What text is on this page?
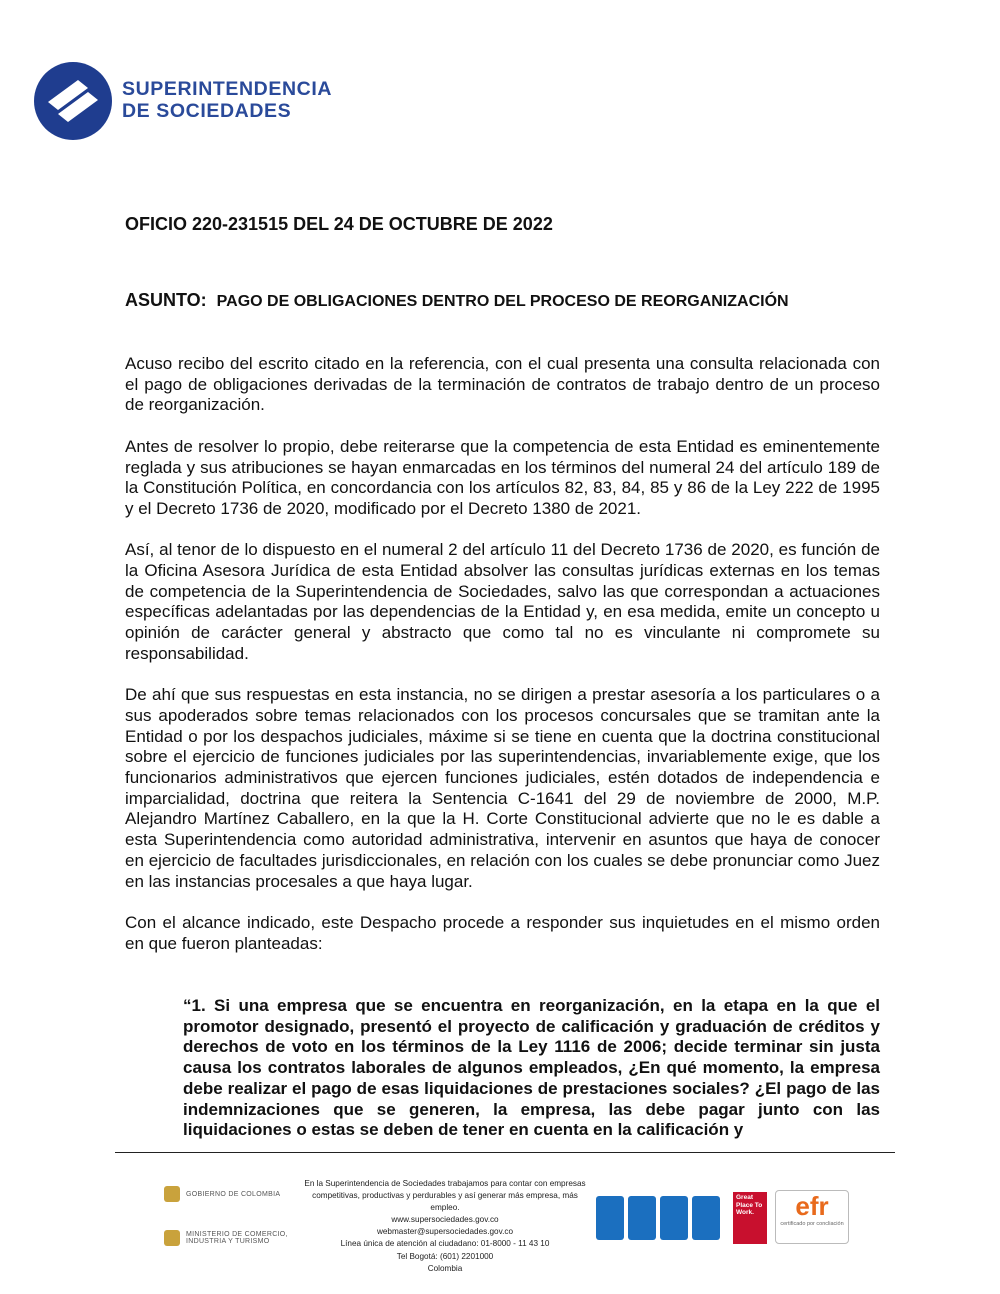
SUPERINTENDENCIA
DE SOCIEDADES
OFICIO 220-231515 DEL 24 DE OCTUBRE DE 2022
ASUNTO: PAGO DE OBLIGACIONES DENTRO DEL PROCESO DE REORGANIZACIÓN

Acuso recibo del escrito citado en la referencia, con el cual presenta una consulta relacionada con el pago de obligaciones derivadas de la terminación de contratos de trabajo dentro de un proceso de reorganización.

Antes de resolver lo propio, debe reiterarse que la competencia de esta Entidad es eminentemente reglada y sus atribuciones se hayan enmarcadas en los términos del numeral 24 del artículo 189 de la Constitución Política, en concordancia con los artículos 82, 83, 84, 85 y 86 de la Ley 222 de 1995 y el Decreto 1736 de 2020, modificado por el Decreto 1380 de 2021.

Así, al tenor de lo dispuesto en el numeral 2 del artículo 11 del Decreto 1736 de 2020, es función de la Oficina Asesora Jurídica de esta Entidad absolver las consultas jurídicas externas en los temas de competencia de la Superintendencia de Sociedades, salvo las que correspondan a actuaciones específicas adelantadas por las dependencias de la Entidad y, en esa medida, emite un concepto u opinión de carácter general y abstracto que como tal no es vinculante ni compromete su responsabilidad.

De ahí que sus respuestas en esta instancia, no se dirigen a prestar asesoría a los particulares o a sus apoderados sobre temas relacionados con los procesos concursales que se tramitan ante la Entidad o por los despachos judiciales, máxime si se tiene en cuenta que la doctrina constitucional sobre el ejercicio de funciones judiciales por las superintendencias, invariablemente exige, que los funcionarios administrativos que ejercen funciones judiciales, estén dotados de independencia e imparcialidad, doctrina que reitera la Sentencia C-1641 del 29 de noviembre de 2000, M.P. Alejandro Martínez Caballero, en la que la H. Corte Constitucional advierte que no le es dable a esta Superintendencia como autoridad administrativa, intervenir en asuntos que haya de conocer en ejercicio de facultades jurisdiccionales, en relación con los cuales se debe pronunciar como Juez en las instancias procesales a que haya lugar.

Con el alcance indicado, este Despacho procede a responder sus inquietudes en el mismo orden en que fueron planteadas:

“1. Si una empresa que se encuentra en reorganización, en la etapa en la que el promotor designado, presentó el proyecto de calificación y graduación de créditos y derechos de voto en los términos de la Ley 1116 de 2006; decide terminar sin justa causa los contratos laborales de algunos empleados, ¿En qué momento, la empresa debe realizar el pago de esas liquidaciones de prestaciones sociales? ¿El pago de las indemnizaciones que se generen, la empresa, las debe pagar junto con las liquidaciones o estas se deben de tener en cuenta en la calificación y
GOBIERNO DE COLOMBIA
MINISTERIO DE COMERCIO, INDUSTRIA Y TURISMO
En la Superintendencia de Sociedades trabajamos para contar con empresas
competitivas, productivas y perdurables y así generar más empresa, más empleo.
www.supersociedades.gov.co
webmaster@supersociedades.gov.co
Línea única de atención al ciudadano: 01-8000 - 11 43 10
Tel Bogotá: (601) 2201000
Colombia
Great Place To Work.	efr
certificado por concliación
